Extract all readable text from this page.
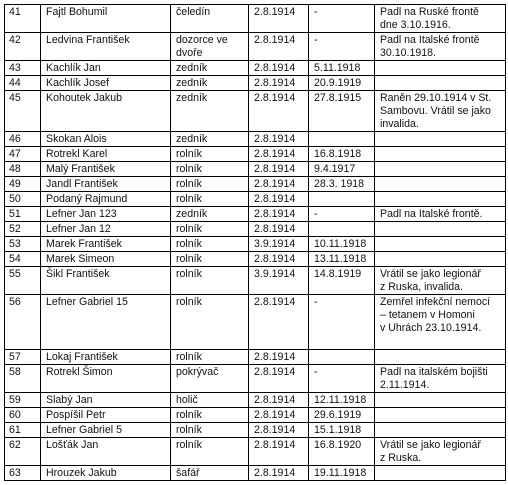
41	Fajtl Bohumil	čeledín	2.8.1914	-	Padl na Ruské frontě
dne 3.10.1916.
42	Ledvina František	dozorce ve
dvoře	2.8.1914	-	Padl na Italské frontě
30.10.1918.
43	Kachlík Jan	zedník	2.8.1914	5.11.1918	
44	Kachlík Josef	zedník	2.8.1914	20.9.1919	
45	Kohoutek Jakub	zedník	2.8.1914	27.8.1915	Raněn 29.10.1914 v St.
Sambovu. Vrátil se jako
invalida.
46	Skokan Alois	zedník	2.8.1914		
47	Rotrekl Karel	rolník	2.8.1914	16.8.1918	
48	Malý František	rolník	2.8.1914	9.4.1917	
49	Jandl František	rolník	2.8.1914	28.3. 1918	
50	Podaný Rajmund	rolník	2.8.1914		
51	Lefner Jan 123	zedník	2.8.1914	-	Padl na Italské frontě.
52	Lefner Jan 12	rolník	2.8.1914		
53	Marek František	rolník	3.9.1914	10.11.1918	
54	Marek Simeon	rolník	2.8.1914	13.11.1918	
55	Šikl František	rolník	3.9.1914	14.8.1919	Vrátil se jako legionář
z Ruska, invalida.
56	Lefner Gabriel 15	rolník	2.8.1914	-	Zemřel infekční nemocí
– tetanem v Homoni
v Uhrách 23.10.1914.
57	Lokaj František	rolník	2.8.1914		
58	Rotrekl Šimon	pokrývač	2.8.1914	-	Padl na italském bojišti
2.11.1914.
59	Slabý Jan	holič	2.8.1914	12.11.1918	
60	Pospíšil Petr	rolník	2.8.1914	29.6.1919	
61	Lefner Gabriel 5	rolník	2.8.1914	15.1.1918	
62	Lošťák Jan	rolník	2.8.1914	16.8.1920	Vrátil se jako legionář
z Ruska.
63	Hrouzek Jakub	šafář	2.8.1914	19.11.1918	
